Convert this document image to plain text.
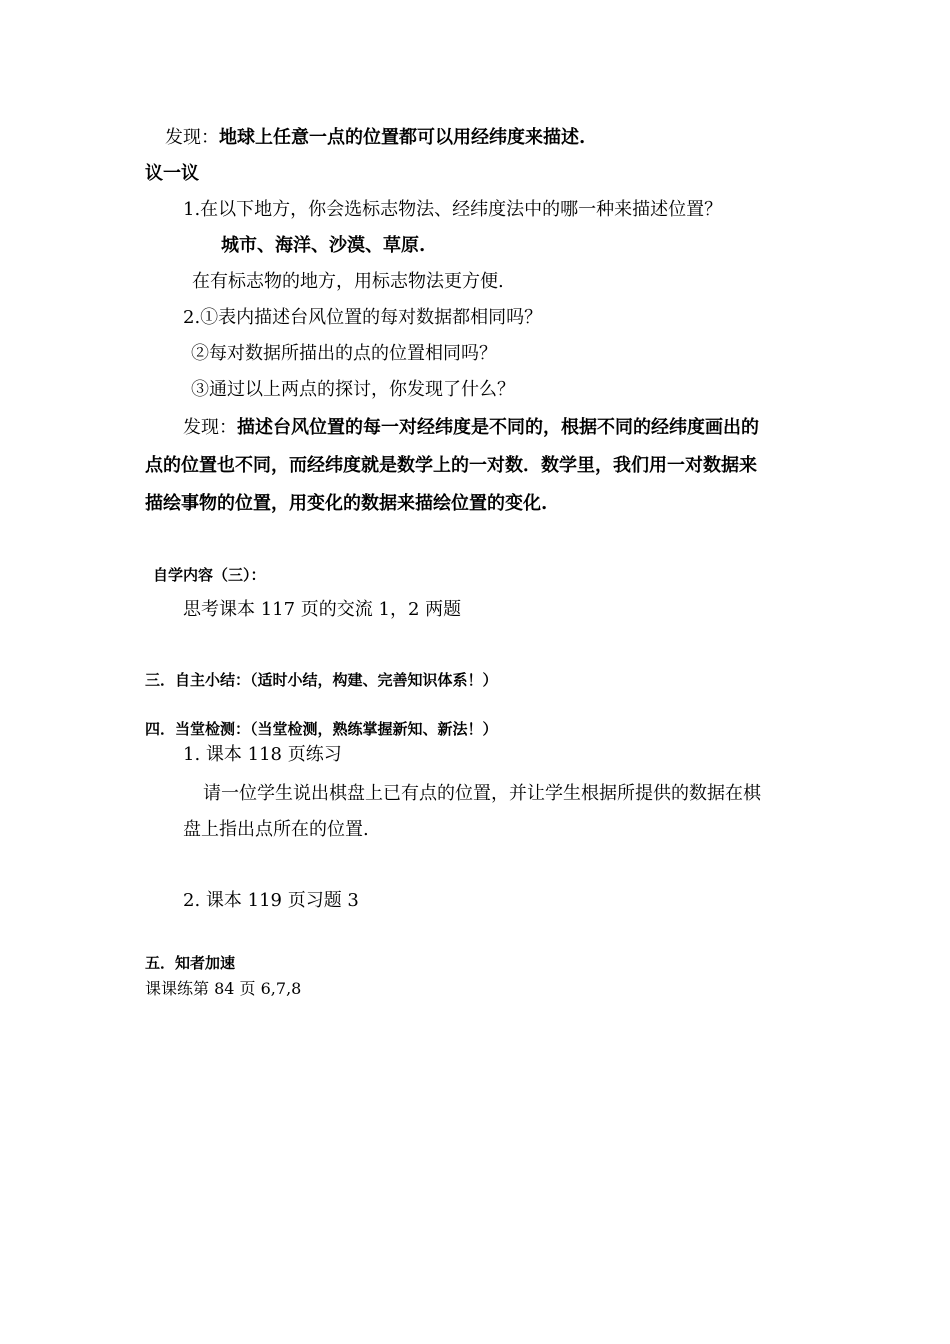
发现：地球上任意一点的位置都可以用经纬度来描述.
议一议
1.在以下地方，你会选标志物法、经纬度法中的哪一种来描述位置？
城市、海洋、沙漠、草原.
在有标志物的地方，用标志物法更方便.
2.①表内描述台风位置的每对数据都相同吗？
②每对数据所描出的点的位置相同吗？
③通过以上两点的探讨，你发现了什么？
发现：描述台风位置的每一对经纬度是不同的，根据不同的经纬度画出的
点的位置也不同，而经纬度就是数学上的一对数．数学里，我们用一对数据来
描绘事物的位置，用变化的数据来描绘位置的变化.
自学内容（三）：
思考课本 117 页的交流 1，2 两题
三．自主小结：（适时小结，构建、完善知识体系！）
四．当堂检测：（当堂检测，熟练掌握新知、新法！）
1. 课本 118 页练习
请一位学生说出棋盘上已有点的位置，并让学生根据所提供的数据在棋
盘上指出点所在的位置.
2. 课本 119 页习题 3
五．知者加速
课课练第 84 页 6,7,8
